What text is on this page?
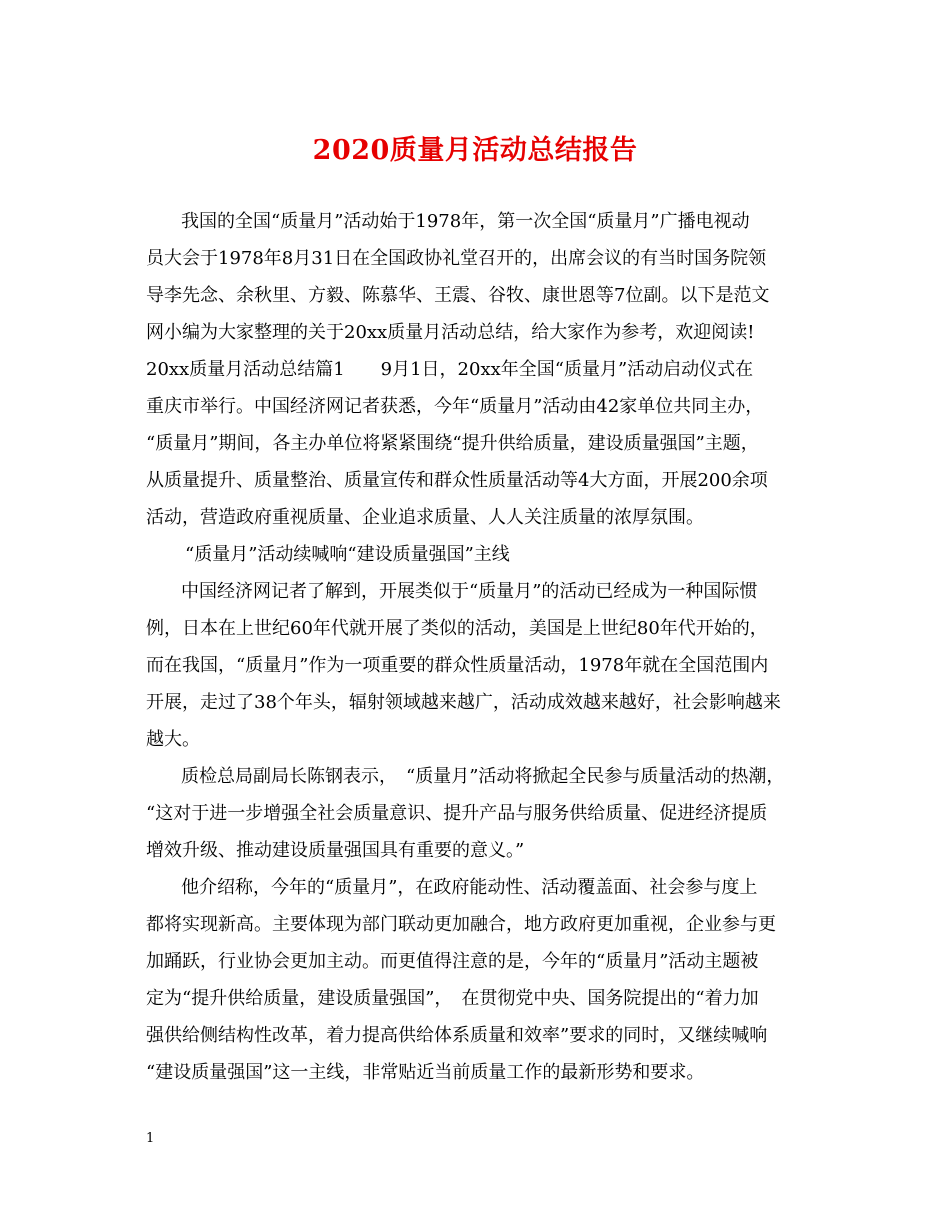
2020质量月活动总结报告
我国的全国“质量月”活动始于1978年，第一次全国“质量月”广播电视动
员大会于1978年8月31日在全国政协礼堂召开的，出席会议的有当时国务院领
导李先念、余秋里、方毅、陈慕华、王震、谷牧、康世恩等7位副。以下是范文
网小编为大家整理的关于20xx质量月活动总结，给大家作为参考，欢迎阅读!
20xx质量月活动总结篇1　　9月1日，20xx年全国“质量月”活动启动仪式在
重庆市举行。中国经济网记者获悉，今年“质量月”活动由42家单位共同主办，
“质量月”期间，各主办单位将紧紧围绕“提升供给质量，建设质量强国”主题，
从质量提升、质量整治、质量宣传和群众性质量活动等4大方面，开展200余项
活动，营造政府重视质量、企业追求质量、人人关注质量的浓厚氛围。
“质量月”活动续喊响“建设质量强国”主线
中国经济网记者了解到，开展类似于“质量月”的活动已经成为一种国际惯
例，日本在上世纪60年代就开展了类似的活动，美国是上世纪80年代开始的，
而在我国，“质量月”作为一项重要的群众性质量活动，1978年就在全国范围内
开展，走过了38个年头，辐射领域越来越广，活动成效越来越好，社会影响越来
越大。
质检总局副局长陈钢表示，　“质量月”活动将掀起全民参与质量活动的热潮，
“这对于进一步增强全社会质量意识、提升产品与服务供给质量、促进经济提质
增效升级、推动建设质量强国具有重要的意义。”
他介绍称，今年的“质量月”，在政府能动性、活动覆盖面、社会参与度上
都将实现新高。主要体现为部门联动更加融合，地方政府更加重视，企业参与更
加踊跃，行业协会更加主动。而更值得注意的是，今年的“质量月”活动主题被
定为“提升供给质量，建设质量强国”，　在贯彻党中央、国务院提出的“着力加
强供给侧结构性改革，着力提高供给体系质量和效率”要求的同时，又继续喊响
“建设质量强国”这一主线，非常贴近当前质量工作的最新形势和要求。
1
